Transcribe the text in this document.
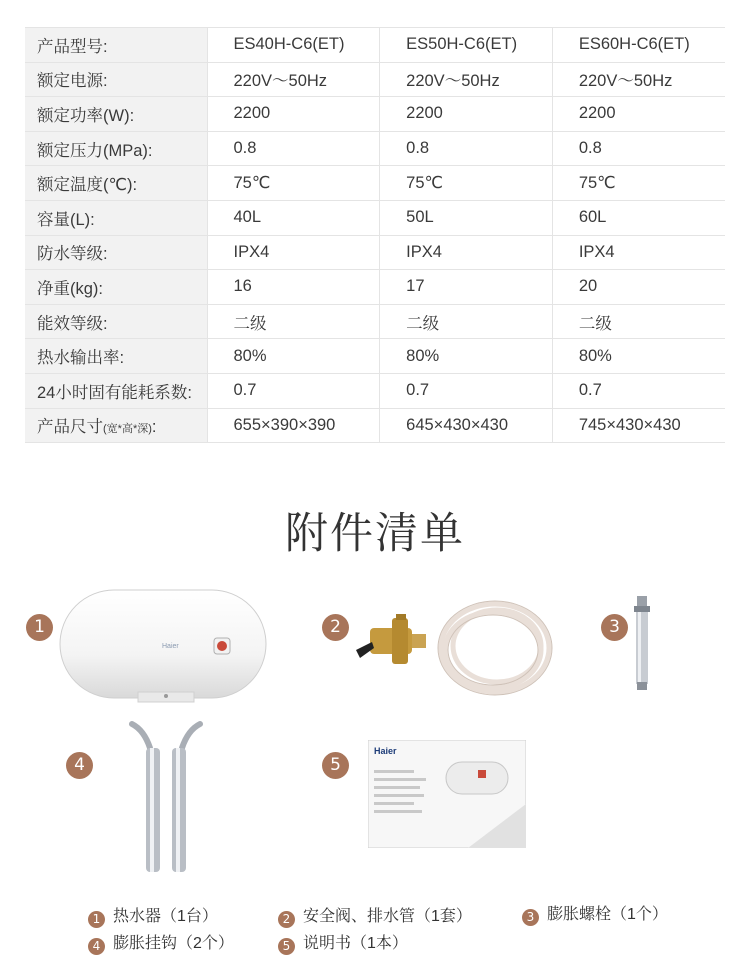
产品型号:	ES40H-C6(ET)	ES50H-C6(ET)	ES60H-C6(ET)
额定电源:	220V～50Hz	220V～50Hz	220V～50Hz
额定功率(W):	2200	2200	2200
额定压力(MPa):	0.8	0.8	0.8
额定温度(℃):	75℃	75℃	75℃
容量(L):	40L	50L	60L
防水等级:	IPX4	IPX4	IPX4
净重(kg):	16	17	20
能效等级:	二级	二级	二级
热水输出率:	80%	80%	80%
24小时固有能耗系数:	0.7	0.7	0.7
产品尺寸(宽*高*深):	655×390×390	645×430×430	745×430×430
附件清单
1	2	3
4	5
Haier
Haier
1 热水器（1台）	2 安全阀、排水管（1套）	3 膨胀螺栓（1个）
4 膨胀挂钩（2个）	5 说明书（1本）
